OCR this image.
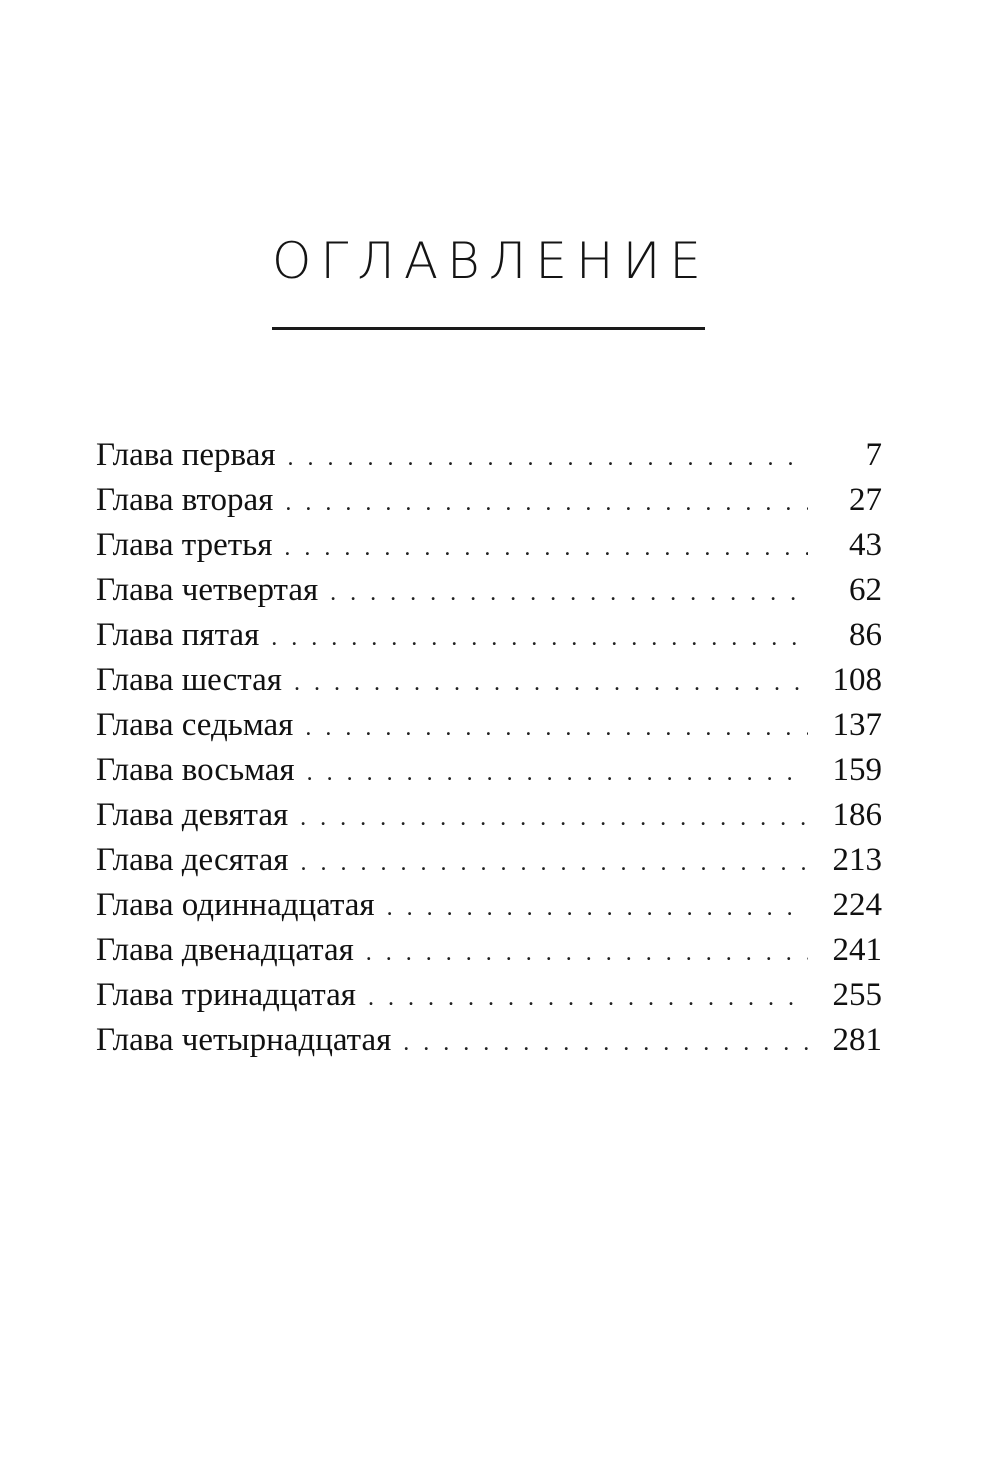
ОГЛАВЛЕНИЕ
Глава первая . . .	7
Глава вторая . . .	27
Глава третья . . .	43
Глава четвертая . . .	62
Глава пятая . . .	86
Глава шестая . . .	108
Глава седьмая . . .	137
Глава восьмая . . .	159
Глава девятая . . .	186
Глава десятая . . .	213
Глава одиннадцатая . . .	224
Глава двенадцатая . . .	241
Глава тринадцатая . . .	255
Глава четырнадцатая . . .	281
